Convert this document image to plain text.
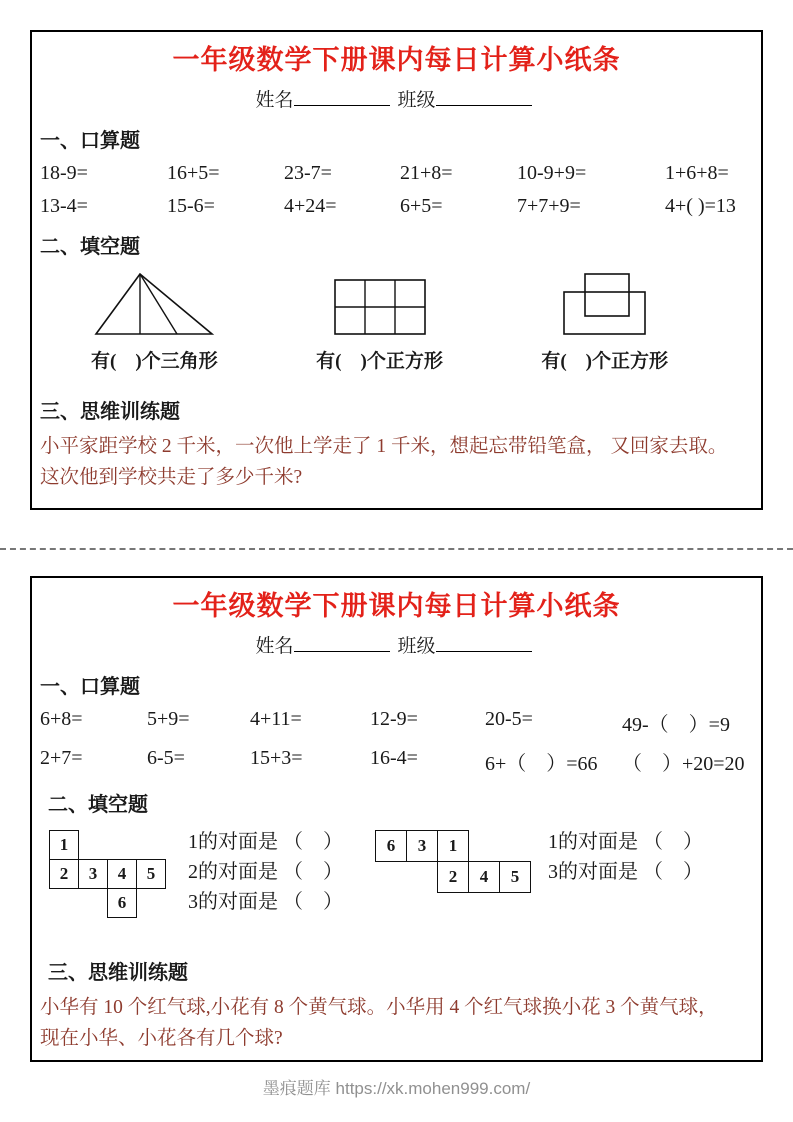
一年级数学下册课内每日计算小纸条
姓名	班级
一、口算题
18-9=	16+5=	23-7=	21+8=	10-9+9=	1+6+8=
13-4=	15-6=	4+24=	6+5=	7+7+9=	4+( )=13
二、填空题
有(　)个三角形	有(　)个正方形	有(　)个正方形
三、思维训练题
小平家距学校 2 千米，一次他上学走了 1 千米，想起忘带铅笔盒， 又回家去取。
这次他到学校共走了多少千米?
一年级数学下册课内每日计算小纸条
姓名	班级
一、口算题
6+8=	5+9=	4+11=	12-9=	20-5=	49-（　）=9
2+7=	6-5=	15+3=	16-4=	6+（　）=66	（　）+20=20
二、填空题
1
2	3	4	5
6
1的对面是 （　）
2的对面是 （　）
3的对面是 （　）
6	3	1
2	4	5
1的对面是 （　）
3的对面是 （　）
三、思维训练题
小华有 10 个红气球,小花有 8 个黄气球。小华用 4 个红气球换小花 3 个黄气球，
现在小华、小花各有几个球?
墨痕题库 https://xk.mohen999.com/
